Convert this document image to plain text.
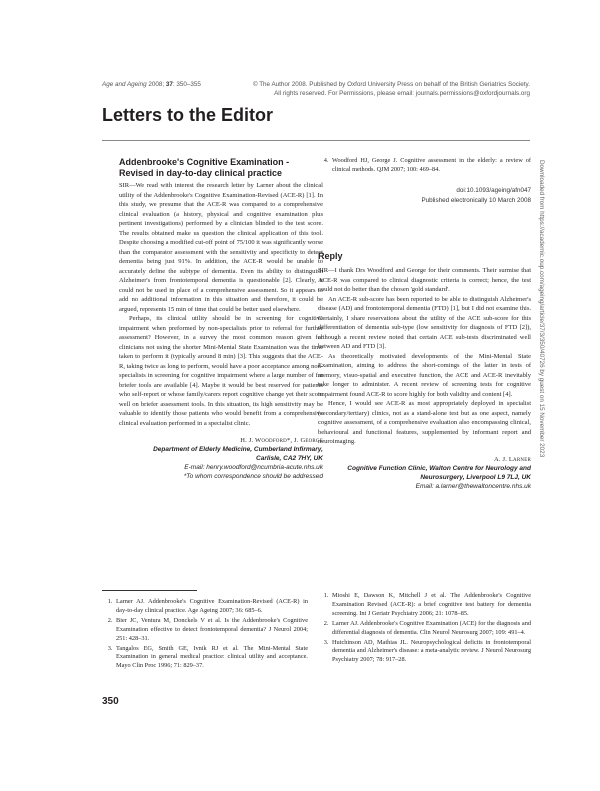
Age and Ageing 2008; 37: 350–355	© The Author 2008. Published by Oxford University Press on behalf of the British Geriatrics Society.
All rights reserved. For Permissions, please email: journals.permissions@oxfordjournals.org
Letters to the Editor
Addenbrooke's Cognitive Examination - Revised in day-to-day clinical practice

SIR—We read with interest the research letter by Larner about the clinical utility of the Addenbrooke's Cognitive Examination-Revised (ACE-R) [1]. In this study, we presume that the ACE-R was compared to a comprehensive clinical evaluation (a history, physical and cognitive examination plus pertinent investigations) performed by a clinician blinded to the test score. The results obtained make us question the clinical application of this tool. Despite choosing a modified cut-off point of 75/100 it was significantly worse than the comparator assessment with the sensitivity and specificity to detect dementia being just 91%. In addition, the ACE-R would be unable to accurately define the subtype of dementia. Even its ability to distinguish Alzheimer's from frontotemporal dementia is questionable [2]. Clearly, it could not be used in place of a comprehensive assessment. So it appears to add no additional information in this situation and therefore, it could be argued, represents 15 min of time that could be better used elsewhere.

Perhaps, its clinical utility should be in screening for cognitive impairment when preformed by non-specialists prior to referral for further assessment? However, in a survey the most common reason given for clinicians not using the shorter Mini-Mental State Examination was the time taken to perform it (typically around 8 min) [3]. This suggests that the ACE-R, taking twice as long to perform, would have a poor acceptance among non-specialists in screening for cognitive impairment where a large number of far briefer tools are available [4]. Maybe it would be best reserved for patients who self-report or whose family/carers report cognitive change yet their score well on briefer assessment tools. In this situation, its high sensitivity may be valuable to identify those patients who would benefit from a comprehensive clinical evaluation performed in a specialist clinic.

H. J. Woodford*, J. George
Department of Elderly Medicine, Cumberland Infirmary,
Carlisle, CA2 7HY, UK
E-mail: henry.woodford@ncumbria-acute.nhs.uk
*To whom correspondence should be addressed
1. Larner AJ. Addenbrooke's Cognitive Examination-Revised (ACE-R) in day-to-day clinical practice. Age Ageing 2007; 36: 685–6.
2. Bier JC, Ventura M, Donckels V et al. Is the Addenbrooke's Cognitive Examination effective to detect frontotemporal dementia? J Neurol 2004; 251: 428–31.
3. Tangalos EG, Smith GE, Ivnik RJ et al. The Mini-Mental State Examination in general medical practice: clinical utility and acceptance. Mayo Clin Proc 1996; 71: 829–37.
4. Woodford HJ, George J. Cognitive assessment in the elderly: a review of clinical methods. QJM 2007; 100: 469–84.
doi:10.1093/ageing/afn047
Published electronically 10 March 2008
Reply

SIR—I thank Drs Woodford and George for their comments. Their surmise that ACE-R was compared to clinical diagnostic criteria is correct; hence, the test could not do better than the chosen 'gold standard'.

An ACE-R sub-score has been reported to be able to distinguish Alzheimer's disease (AD) and frontotemporal dementia (FTD) [1], but I did not examine this. Certainly, I share reservations about the utility of the ACE sub-score for this differentiation of dementia sub-type (low sensitivity for diagnosis of FTD [2]), although a recent review noted that certain ACE sub-tests discriminated well between AD and FTD [3].

As theoretically motivated developments of the Mini-Mental State Examination, aiming to address the short-comings of the latter in tests of memory, visuo-spatial and executive function, the ACE and ACE-R inevitably take longer to administer. A recent review of screening tests for cognitive impairment found ACE-R to score highly for both validity and content [4].

Hence, I would see ACE-R as most appropriately deployed in specialist (secondary/tertiary) clinics, not as a stand-alone test but as one aspect, namely cognitive assessment, of a comprehensive evaluation also encompassing clinical, behavioural and functional features, supplemented by informant report and neuroimaging.

A. J. Larner
Cognitive Function Clinic, Walton Centre for Neurology and
Neurosurgery, Liverpool L9 7LJ, UK
Email: a.larner@thewaltoncentre.nhs.uk
1. Mioshi E, Dawson K, Mitchell J et al. The Addenbrooke's Cognitive Examination Revised (ACE-R): a brief cognitive test battery for dementia screening. Int J Geriatr Psychiatry 2006; 21: 1078–85.
2. Larner AJ. Addenbrooke's Cognitive Examination (ACE) for the diagnosis and differential diagnosis of dementia. Clin Neurol Neurosurg 2007; 109: 491–4.
3. Hutchinson AD, Mathias JL. Neuropsychological deficits in frontotemporal dementia and Alzheimer's disease: a meta-analytic review. J Neurol Neurosurg Psychiatry 2007; 78: 917–28.
350
Downloaded from https://academic.oup.com/ageing/article/37/3/350/40726 by guest on 15 November 2023
